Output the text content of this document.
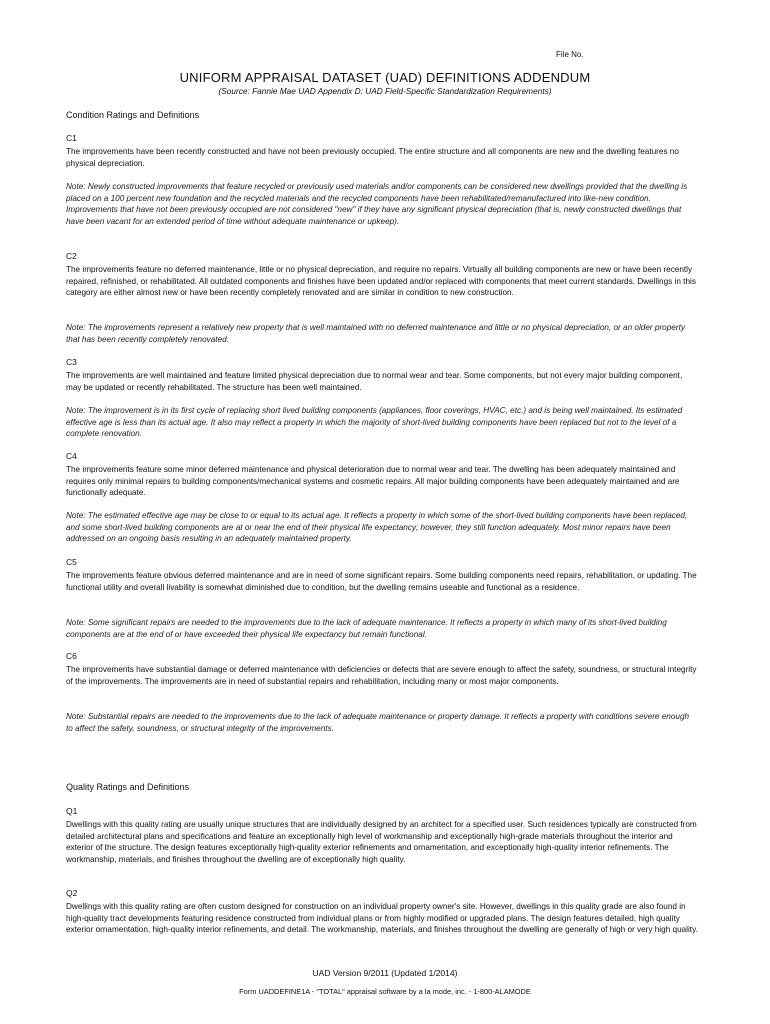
File No.
UNIFORM APPRAISAL DATASET (UAD) DEFINITIONS ADDENDUM
(Source: Fannie Mae UAD Appendix D: UAD Field-Specific Standardization Requirements)
Condition Ratings and Definitions
C1

The improvements have been recently constructed and have not been previously occupied. The entire structure and all components are new and the dwelling features no physical depreciation.

Note: Newly constructed improvements that feature recycled or previously used materials and/or components can be considered new dwellings provided that the dwelling is placed on a 100 percent new foundation and the recycled materials and the recycled components have been rehabilitated/remanufactured into like-new condition. Improvements that have not been previously occupied are not considered "new" if they have any significant physical depreciation (that is, newly constructed dwellings that have been vacant for an extended period of time without adequate maintenance or upkeep).

C2

The improvements feature no deferred maintenance, little or no physical depreciation, and require no repairs. Virtually all building components are new or have been recently repaired, refinished, or rehabilitated. All outdated components and finishes have been updated and/or replaced with components that meet current standards. Dwellings in this category are either almost new or have been recently completely renovated and are similar in condition to new construction.

Note: The improvements represent a relatively new property that is well maintained with no deferred maintenance and little or no physical depreciation, or an older property that has been recently completely renovated.

C3

The improvements are well maintained and feature limited physical depreciation due to normal wear and tear. Some components, but not every major building component, may be updated or recently rehabilitated. The structure has been well maintained.

Note: The improvement is in its first cycle of replacing short lived building components (appliances, floor coverings, HVAC, etc.) and is being well maintained. Its estimated effective age is less than its actual age. It also may reflect a property in which the majority of short-lived building components have been replaced but not to the level of a complete renovation.

C4

The improvements feature some minor deferred maintenance and physical deterioration due to normal wear and tear. The dwelling has been adequately maintained and requires only minimal repairs to building components/mechanical systems and cosmetic repairs. All major building components have been adequately maintained and are functionally adequate.

Note: The estimated effective age may be close to or equal to its actual age. It reflects a property in which some of the short-lived building components have been replaced, and some short-lived building components are at or near the end of their physical life expectancy; however, they still function adequately. Most minor repairs have been addressed on an ongoing basis resulting in an adequately maintained property.

C5

The improvements feature obvious deferred maintenance and are in need of some significant repairs. Some building components need repairs, rehabilitation, or updating. The functional utility and overall livability is somewhat diminished due to condition, but the dwelling remains useable and functional as a residence.

Note: Some significant repairs are needed to the improvements due to the lack of adequate maintenance. It reflects a property in which many of its short-lived building components are at the end of or have exceeded their physical life expectancy but remain functional.

C6

The improvements have substantial damage or deferred maintenance with deficiencies or defects that are severe enough to affect the safety, soundness, or structural integrity of the improvements. The improvements are in need of substantial repairs and rehabilitation, including many or most major components.

Note: Substantial repairs are needed to the improvements due to the lack of adequate maintenance or property damage. It reflects a property with conditions severe enough to affect the safety, soundness, or structural integrity of the improvements.

Quality Ratings and Definitions
Q1

Dwellings with this quality rating are usually unique structures that are individually designed by an architect for a specified user. Such residences typically are constructed from detailed architectural plans and specifications and feature an exceptionally high level of workmanship and exceptionally high-grade materials throughout the interior and exterior of the structure. The design features exceptionally high-quality exterior refinements and ornamentation, and exceptionally high-quality interior refinements. The workmanship, materials, and finishes throughout the dwelling are of exceptionally high quality.

Q2

Dwellings with this quality rating are often custom designed for construction on an individual property owner's site. However, dwellings in this quality grade are also found in high-quality tract developments featuring residence constructed from individual plans or from highly modified or upgraded plans. The design features detailed, high quality exterior ornamentation, high-quality interior refinements, and detail. The workmanship, materials, and finishes throughout the dwelling are generally of high or very high quality.

UAD Version 9/2011 (Updated 1/2014)
Form UADDEFINE1A - "TOTAL" appraisal software by a la mode, inc. - 1-800-ALAMODE
